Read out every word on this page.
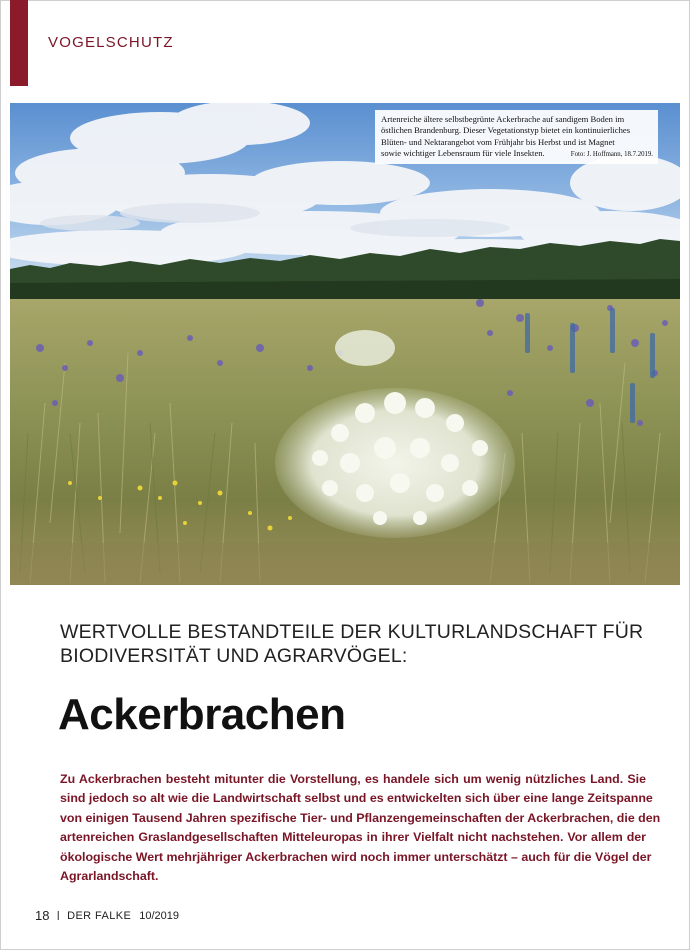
VOGELSCHUTZ
Artenreiche ältere selbstbegrünte Ackerbrache auf sandigem Boden im
östlichen Brandenburg. Dieser Vegetationstyp bietet ein kontinuierliches
Blüten- und Nektarangebot vom Frühjahr bis Herbst und ist Magnet
sowie wichtiger Lebensraum für viele Insekten.	Foto: J. Hoffmann, 18.7.2019.
WERTVOLLE BESTANDTEILE DER KULTURLANDSCHAFT FÜR
BIODIVERSITÄT UND AGRARVÖGEL:
Ackerbrachen
Zu Ackerbrachen besteht mitunter die Vorstellung, es handele sich um wenig nützliches Land. Sie
sind jedoch so alt wie die Landwirtschaft selbst und es entwickelten sich über eine lange Zeitspanne
von einigen Tausend Jahren spezifische Tier- und Pflanzengemeinschaften der Ackerbrachen, die den
artenreichen Graslandgesellschaften Mitteleuropas in ihrer Vielfalt nicht nachstehen. Vor allem der
ökologische Wert mehrjähriger Ackerbrachen wird noch immer unterschätzt – auch für die Vögel der
Agrarlandschaft.
18 I DER FALKE 10/2019
